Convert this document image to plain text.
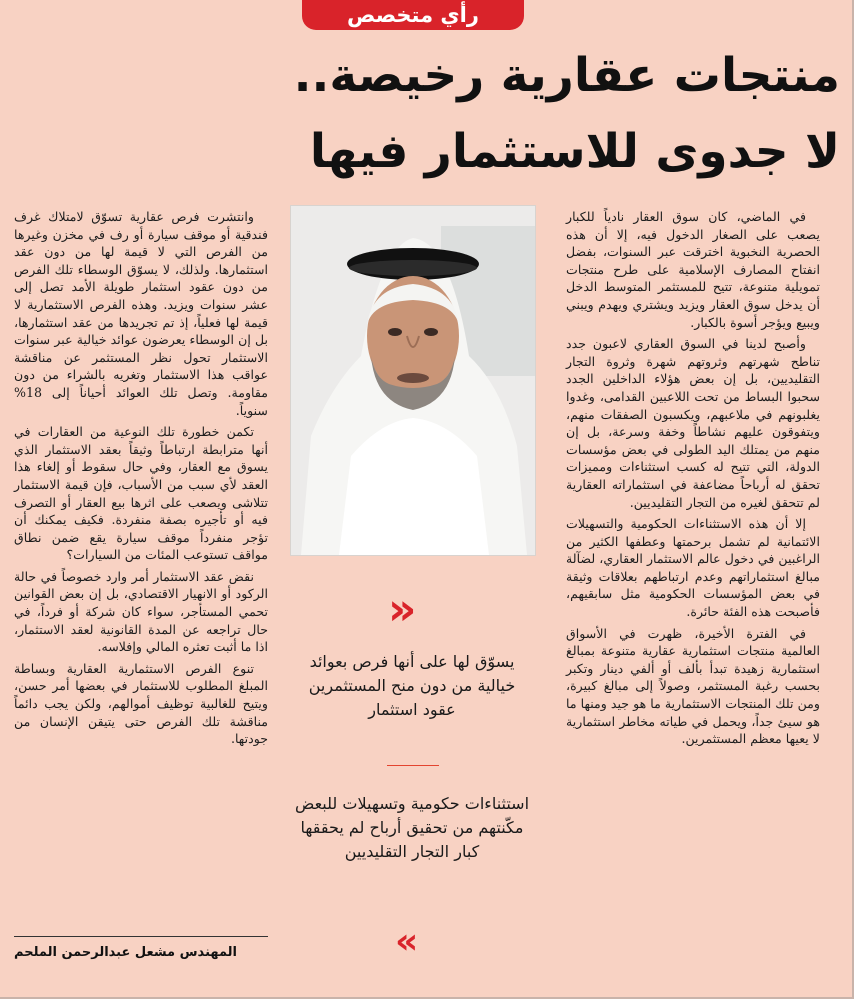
رأي متخصص
منتجات عقارية رخيصة..
لا جدوى للاستثمار فيها

في الماضي، كان سوق العقار نادياً للكبار يصعب على الصغار الدخول فيه، إلا أن هذه الحصرية النخبوية اخترقت عبر السنوات، بفضل انفتاح المصارف الإسلامية على طرح منتجات تمويلية متنوعة، تتيح للمستثمر المتوسط الدخل أن يدخل سوق العقار ويزيد ويشتري ويهدم ويبني ويبيع ويؤجر أسوة بالكبار.

وأصبح لدينا في السوق العقاري لاعبون جدد تناطح شهرتهم وثروتهم شهرة وثروة التجار التقليديين، بل إن بعض هؤلاء الداخلين الجدد سحبوا البساط من تحت اللاعبين القدامى، وغدوا يغلبونهم في ملاعبهم، ويكسبون الصفقات منهم، ويتفوقون عليهم نشاطاً وخفة وسرعة، بل إن منهم من يمتلك اليد الطولى في بعض مؤسسات الدولة، التي تتيح له كسب استثناءات ومميزات تحقق له أرباحاً مضاعفة في استثماراته العقارية لم تتحقق لغيره من التجار التقليديين.

إلا أن هذه الاستثناءات الحكومية والتسهيلات الائتمانية لم تشمل برحمتها وعطفها الكثير من الراغبين في دخول عالم الاستثمار العقاري، لضآلة مبالغ استثماراتهم وعدم ارتباطهم بعلاقات وثيقة في بعض المؤسسات الحكومية مثل سابقيهم، فأصبحت هذه الفئة حائرة.

في الفترة الأخيرة، ظهرت في الأسواق العالمية منتجات استثمارية عقارية متنوعة بمبالغ استثمارية زهيدة تبدأ بألف أو ألفي دينار وتكبر بحسب رغبة المستثمر، وصولاً إلى مبالغ كبيرة، ومن تلك المنتجات الاستثمارية ما هو جيد ومنها ما هو سيئ جداً، ويحمل في طياته مخاطر استثمارية لا يعيها معظم المستثمرين.

»
يسوّق لها على أنها فرص بعوائد خيالية من دون منح المستثمرين عقود استثمار
استثناءات حكومية وتسهيلات للبعض مكّنتهم من تحقيق أرباح لم يحققها كبار التجار التقليديين
«

وانتشرت فرص عقارية تسوّق لامتلاك غرف فندقية أو موقف سيارة أو رف في مخزن وغيرها من الفرص التي لا قيمة لها من دون عقد استثمارها. ولذلك، لا يسوّق الوسطاء تلك الفرص من دون عقود استثمار طويلة الأمد تصل إلى عشر سنوات ويزيد. وهذه الفرص الاستثمارية لا قيمة لها فعلياً، إذ تم تجريدها من عقد استثمارها، بل إن الوسطاء يعرضون عوائد خيالية عبر سنوات الاستثمار تحول نظر المستثمر عن مناقشة عواقب هذا الاستثمار وتغريه بالشراء من دون مقاومة. وتصل تلك العوائد أحياناً إلى 18% سنوياً.

تكمن خطورة تلك النوعية من العقارات في أنها مترابطة ارتباطاً وثيقاً بعقد الاستثمار الذي يسوق مع العقار، وفي حال سقوط أو إلغاء هذا العقد لأي سبب من الأسباب، فإن قيمة الاستثمار تتلاشى ويصعب على اثرها بيع العقار أو التصرف فيه أو تأجيره بصفة منفردة. فكيف يمكنك أن تؤجر منفرداً موقف سيارة يقع ضمن نطاق مواقف تستوعب المئات من السيارات؟

نقض عقد الاستثمار أمر وارد خصوصاً في حالة الركود أو الانهيار الاقتصادي، بل إن بعض القوانين تحمي المستأجر، سواء كان شركة أو فرداً، في حال تراجعه عن المدة القانونية لعقد الاستثمار، اذا ما أثبت تعثره المالي وإفلاسه.

تنوع الفرص الاستثمارية العقارية وبساطة المبلغ المطلوب للاستثمار في بعضها أمر حسن، ويتيح للغالبية توظيف أموالهم، ولكن يجب دائماً مناقشة تلك الفرص حتى يتيقن الإنسان من جودتها.

المهندس مشعل عبدالرحمن الملحم
